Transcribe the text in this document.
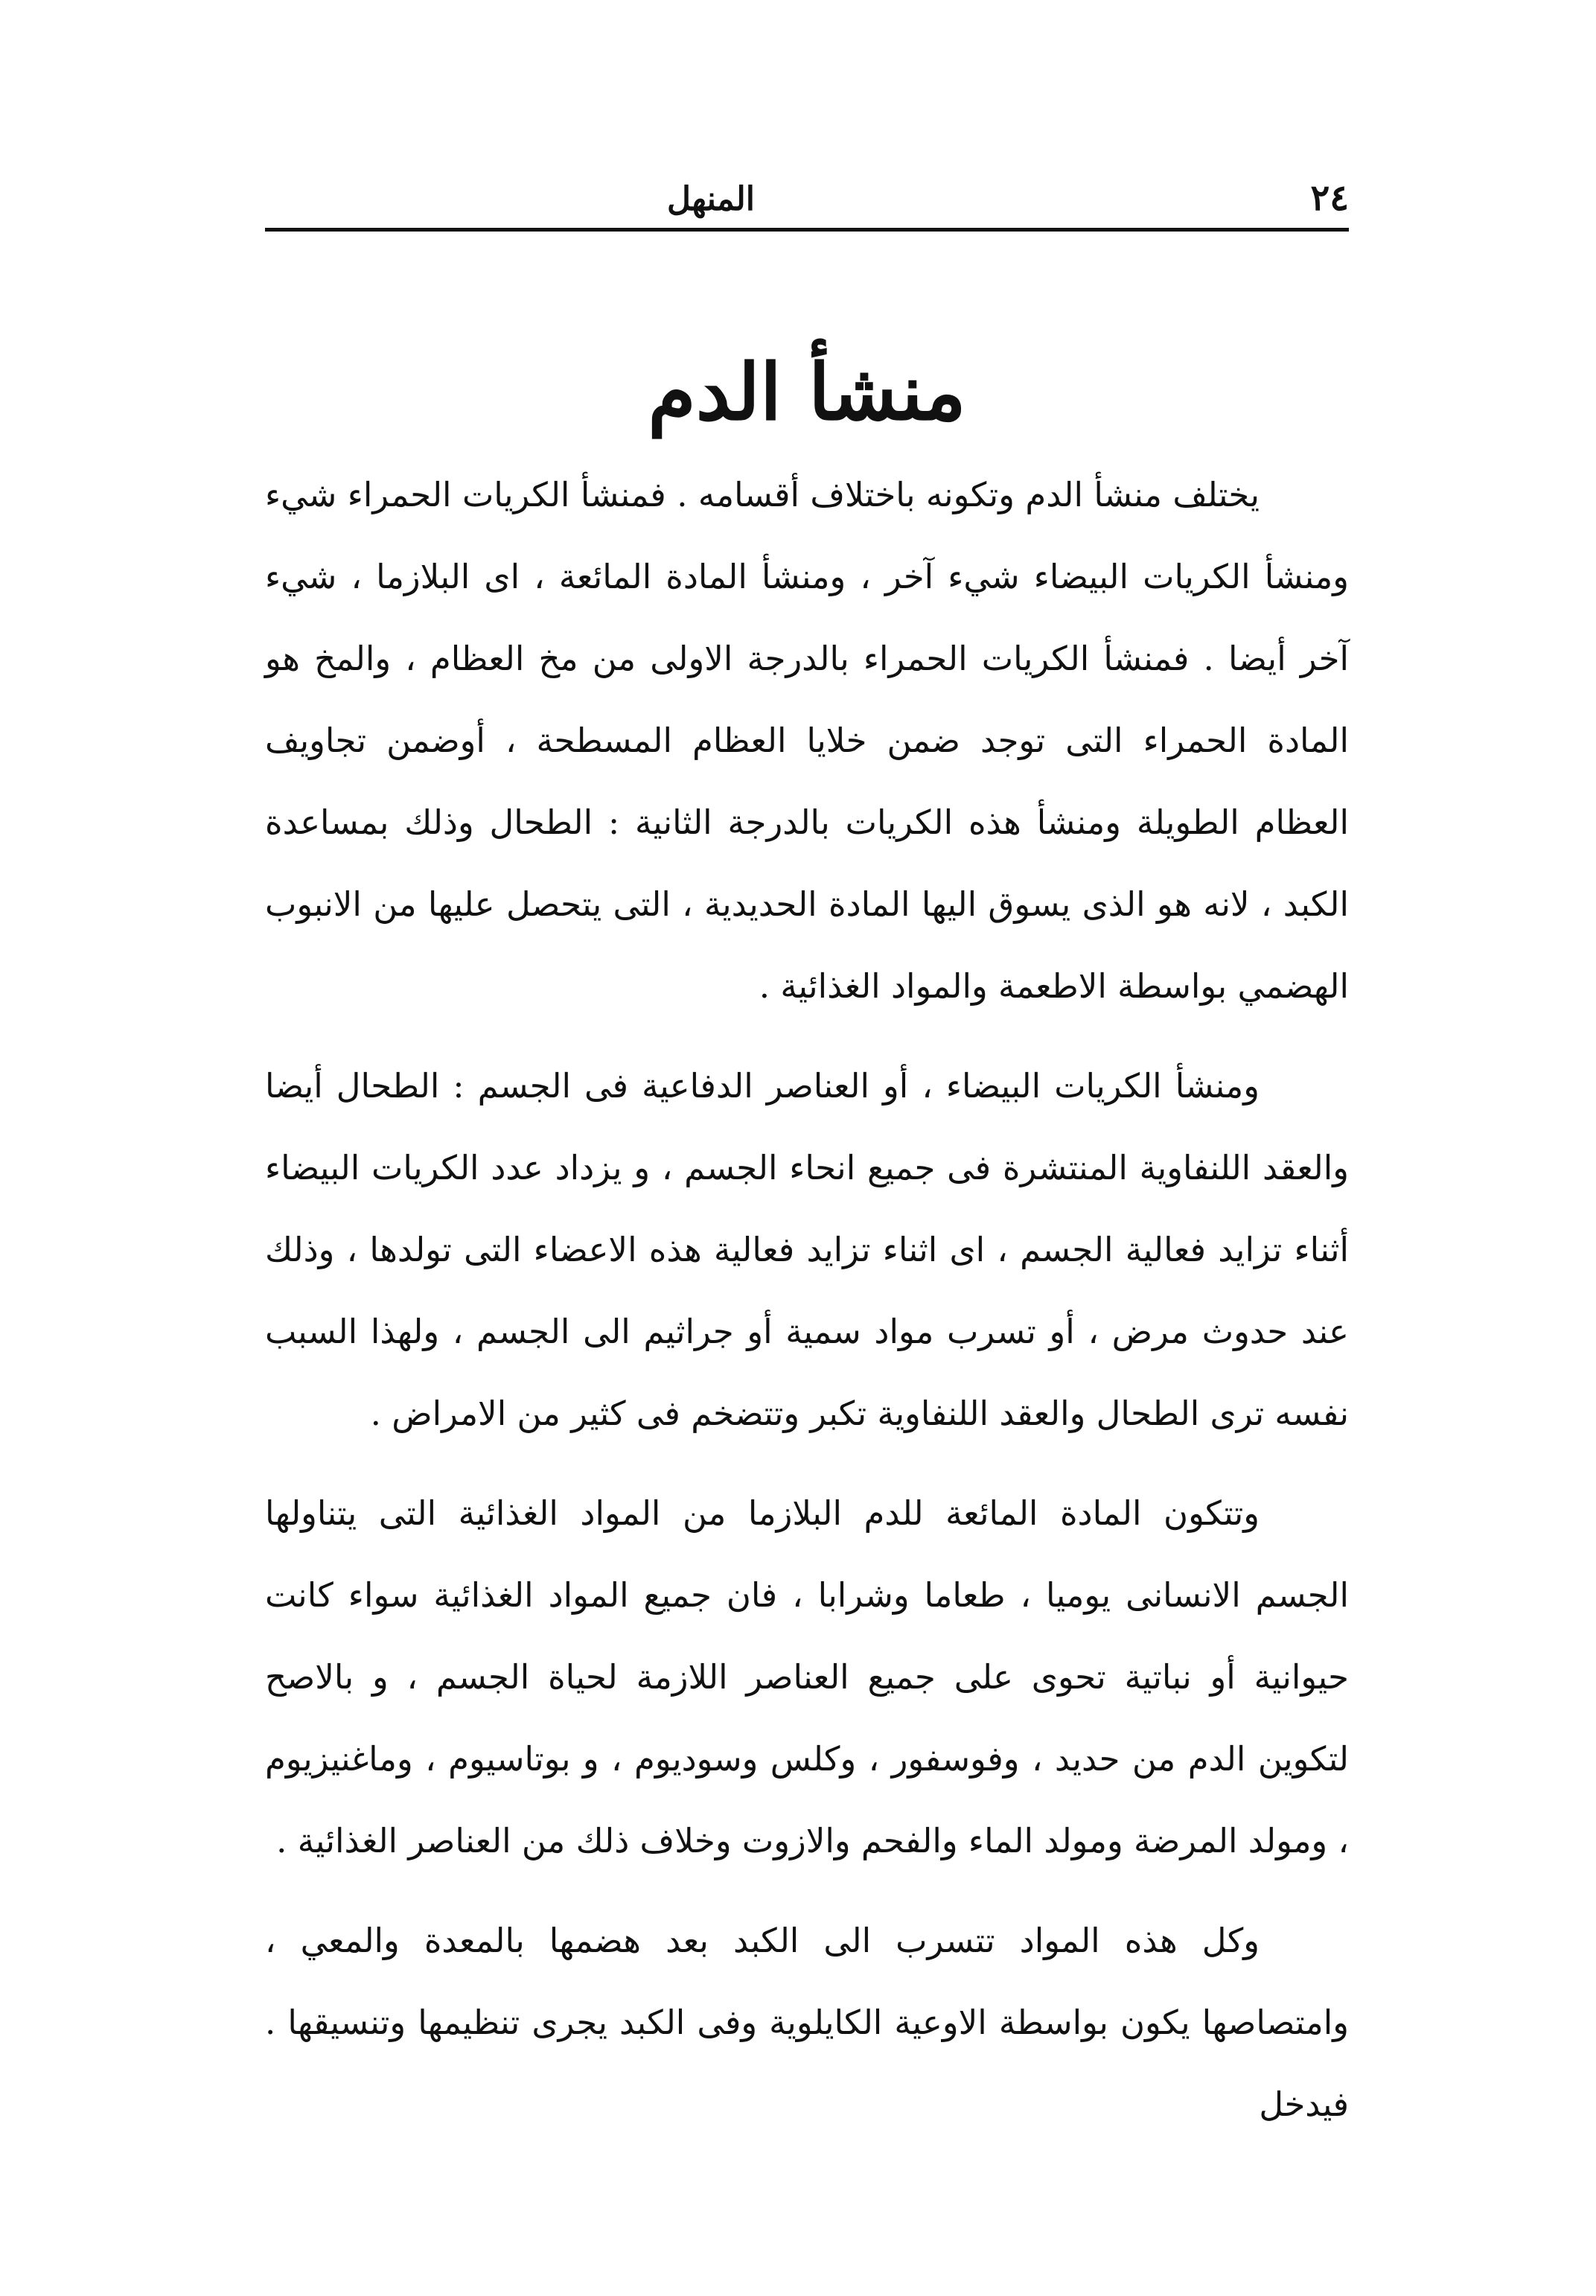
٢٤
المنهل
منشأ الدم

يختلف منشأ الدم وتكونه باختلاف أقسامه . فمنشأ الكريات الحمراء شيء ومنشأ الكريات البيضاء شيء آخر ، ومنشأ المادة المائعة ، اى البلازما ، شيء آخر أيضا . فمنشأ الكريات الحمراء بالدرجة الاولى من مخ العظام ، والمخ هو المادة الحمراء التى توجد ضمن خلايا العظام المسطحة ، أوضمن تجاويف العظام الطويلة ومنشأ هذه الكريات بالدرجة الثانية : الطحال وذلك بمساعدة الكبد ، لانه هو الذى يسوق اليها المادة الحديدية ، التى يتحصل عليها من الانبوب الهضمي بواسطة الاطعمة والمواد الغذائية .

ومنشأ الكريات البيضاء ، أو العناصر الدفاعية فى الجسم : الطحال أيضا والعقد اللنفاوية المنتشرة فى جميع انحاء الجسم ، و يزداد عدد الكريات البيضاء أثناء تزايد فعالية الجسم ، اى اثناء تزايد فعالية هذه الاعضاء التى تولدها ، وذلك عند حدوث مرض ، أو تسرب مواد سمية أو جراثيم الى الجسم ، ولهذا السبب نفسه ترى الطحال والعقد اللنفاوية تكبر وتتضخم فى كثير من الامراض .

وتتكون المادة المائعة للدم البلازما من المواد الغذائية التى يتناولها الجسم الانسانى يوميا ، طعاما وشرابا ، فان جميع المواد الغذائية سواء كانت حيوانية أو نباتية تحوى على جميع العناصر اللازمة لحياة الجسم ، و بالاصح لتكوين الدم من حديد ، وفوسفور ، وكلس وسوديوم ، و بوتاسيوم ، وماغنيزيوم ، ومولد المرضة ومولد الماء والفحم والازوت وخلاف ذلك من العناصر الغذائية .

وكل هذه المواد تتسرب الى الكبد بعد هضمها بالمعدة والمعي ، وامتصاصها يكون بواسطة الاوعية الكايلوية وفى الكبد يجرى تنظيمها وتنسيقها . فيدخل
